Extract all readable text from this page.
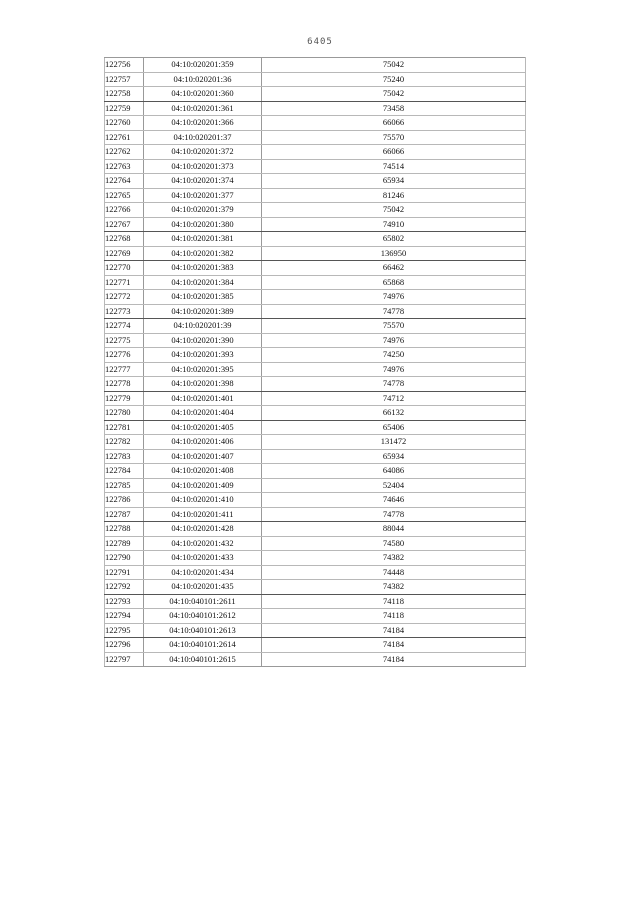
6405
122756	04:10:020201:359	75042
122757	04:10:020201:36	75240
122758	04:10:020201:360	75042
122759	04:10:020201:361	73458
122760	04:10:020201:366	66066
122761	04:10:020201:37	75570
122762	04:10:020201:372	66066
122763	04:10:020201:373	74514
122764	04:10:020201:374	65934
122765	04:10:020201:377	81246
122766	04:10:020201:379	75042
122767	04:10:020201:380	74910
122768	04:10:020201:381	65802
122769	04:10:020201:382	136950
122770	04:10:020201:383	66462
122771	04:10:020201:384	65868
122772	04:10:020201:385	74976
122773	04:10:020201:389	74778
122774	04:10:020201:39	75570
122775	04:10:020201:390	74976
122776	04:10:020201:393	74250
122777	04:10:020201:395	74976
122778	04:10:020201:398	74778
122779	04:10:020201:401	74712
122780	04:10:020201:404	66132
122781	04:10:020201:405	65406
122782	04:10:020201:406	131472
122783	04:10:020201:407	65934
122784	04:10:020201:408	64086
122785	04:10:020201:409	52404
122786	04:10:020201:410	74646
122787	04:10:020201:411	74778
122788	04:10:020201:428	88044
122789	04:10:020201:432	74580
122790	04:10:020201:433	74382
122791	04:10:020201:434	74448
122792	04:10:020201:435	74382
122793	04:10:040101:2611	74118
122794	04:10:040101:2612	74118
122795	04:10:040101:2613	74184
122796	04:10:040101:2614	74184
122797	04:10:040101:2615	74184
